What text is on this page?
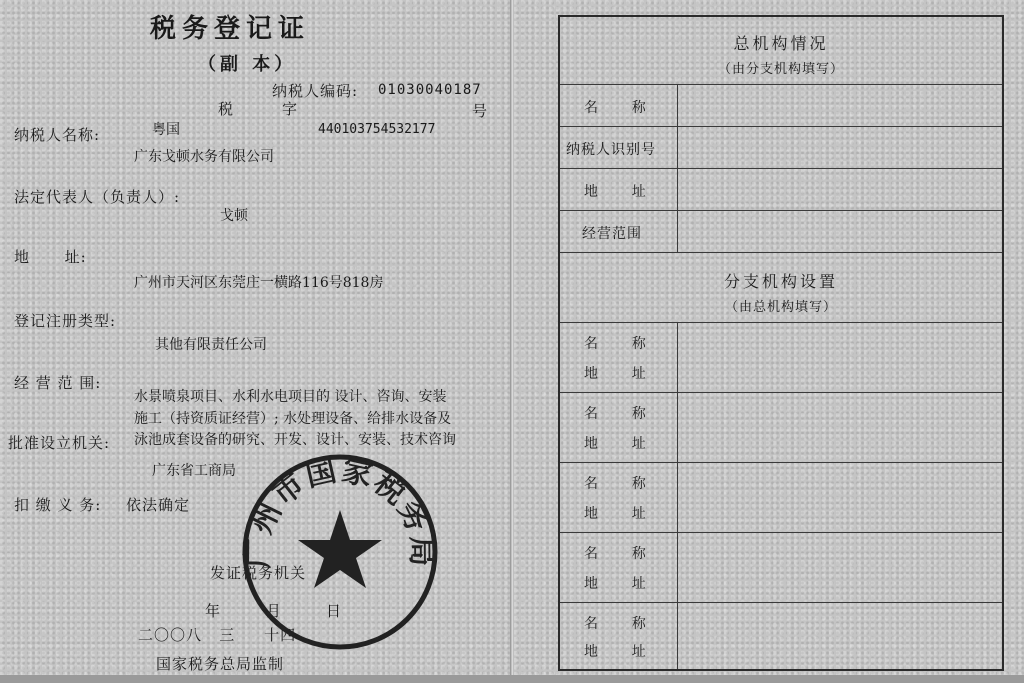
税务登记证
（副 本）
纳税人编码: 01030040187
税	字	号
粤国	440103754532177
纳税人名称:
广东戈顿水务有限公司
法定代表人（负责人）:
戈顿
地      址:
广州市天河区东莞庄一横路116号818房
登记注册类型:
其他有限责任公司
经 营 范 围:
水景喷泉项目、水利水电项目的 设计、咨询、安装
施工（持资质证经营）; 水处理设备、给排水设备及
泳池成套设备的研究、开发、设计、安装、技术咨询
批准设立机关:
广东省工商局
扣 缴 义 务: 依法确定
发证税务机关
年	月	日
二〇〇八   三     十四
国家税务总局监制
广州市国家税务局
总机构情况
（由分支机构填写）
名      称
纳税人识别号
地      址
经营范围
分支机构设置
（由总机构填写）
名      称
地      址
名      称
地      址
名      称
地      址
名      称
地      址
名      称
地      址
